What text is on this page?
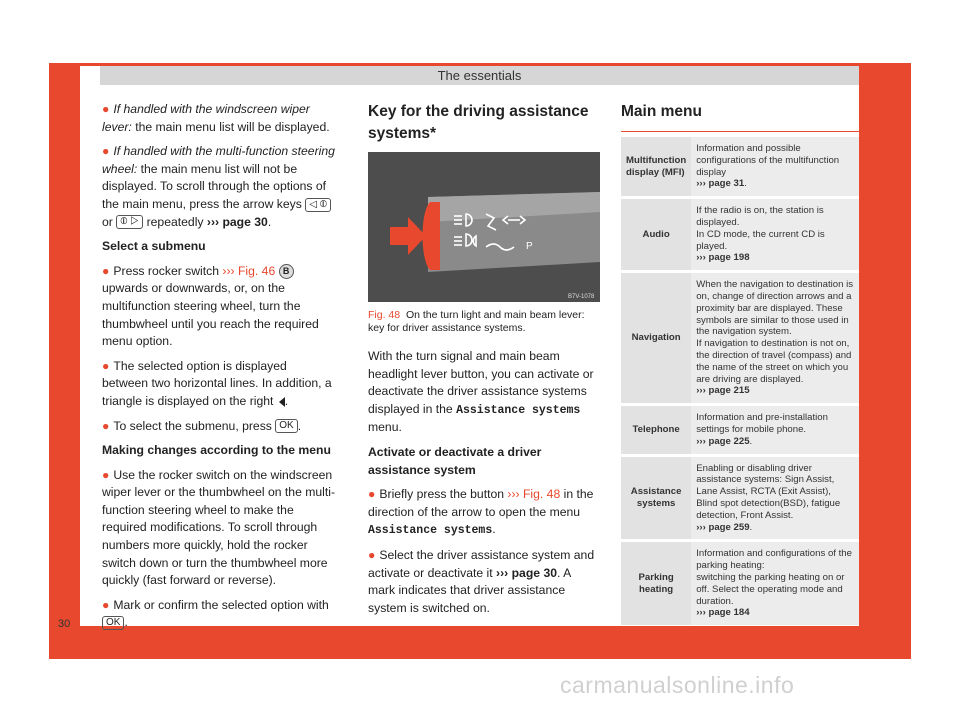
The essentials
30

● If handled with the windscreen wiper lever: the main menu list will be displayed.

● If handled with the multi-function steering wheel: the main menu list will not be displayed. To scroll through the options of the main menu, press the arrow keys ◁ ⦶ or ⦶ ▷ repeatedly ››› page 30.

Select a submenu

● Press rocker switch ››› Fig. 46 B upwards or downwards, or, on the multifunction steering wheel, turn the thumbwheel until you reach the required menu option.

● The selected option is displayed between two horizontal lines. In addition, a triangle is displayed on the right .

● To select the submenu, press OK .

Making changes according to the menu

● Use the rocker switch on the windscreen wiper lever or the thumbwheel on the multi-function steering wheel to make the required modifications. To scroll through numbers more quickly, hold the rocker switch down or turn the thumbwheel more quickly (fast forward or reverse).

● Mark or confirm the selected option with OK .

Key for the driving assistance systems*
P
B7V-1078
Fig. 48 On the turn light and main beam lever: key for driver assistance systems.

With the turn signal and main beam headlight lever button, you can activate or deactivate the driver assistance systems displayed in the Assistance systems menu.

Activate or deactivate a driver assistance system

● Briefly press the button ››› Fig. 48 in the direction of the arrow to open the menu Assistance systems.

● Select the driver assistance system and activate or deactivate it ››› page 30. A mark indicates that driver assistance system is switched on.

Main menu
Multifunction display (MFI)	Information and possible configurations of the multifunction display
››› page 31.
Audio	If the radio is on, the station is displayed.
In CD mode, the current CD is played.
››› page 198
Navigation	When the navigation to destination is on, change of direction arrows and a proximity bar are displayed. These symbols are similar to those used in the navigation system.
If navigation to destination is not on, the direction of travel (compass) and the name of the street on which you are driving are displayed.
››› page 215
Telephone	Information and pre-installation settings for mobile phone.
››› page 225.
Assistance systems	Enabling or disabling driver assistance systems: Sign Assist, Lane Assist, RCTA (Exit Assist), Blind spot detection(BSD), fatigue detection, Front Assist.
››› page 259.
Parking heating	Information and configurations of the parking heating:
switching the parking heating on or off. Select the operating mode and duration.
››› page 184
carmanualsonline.info
